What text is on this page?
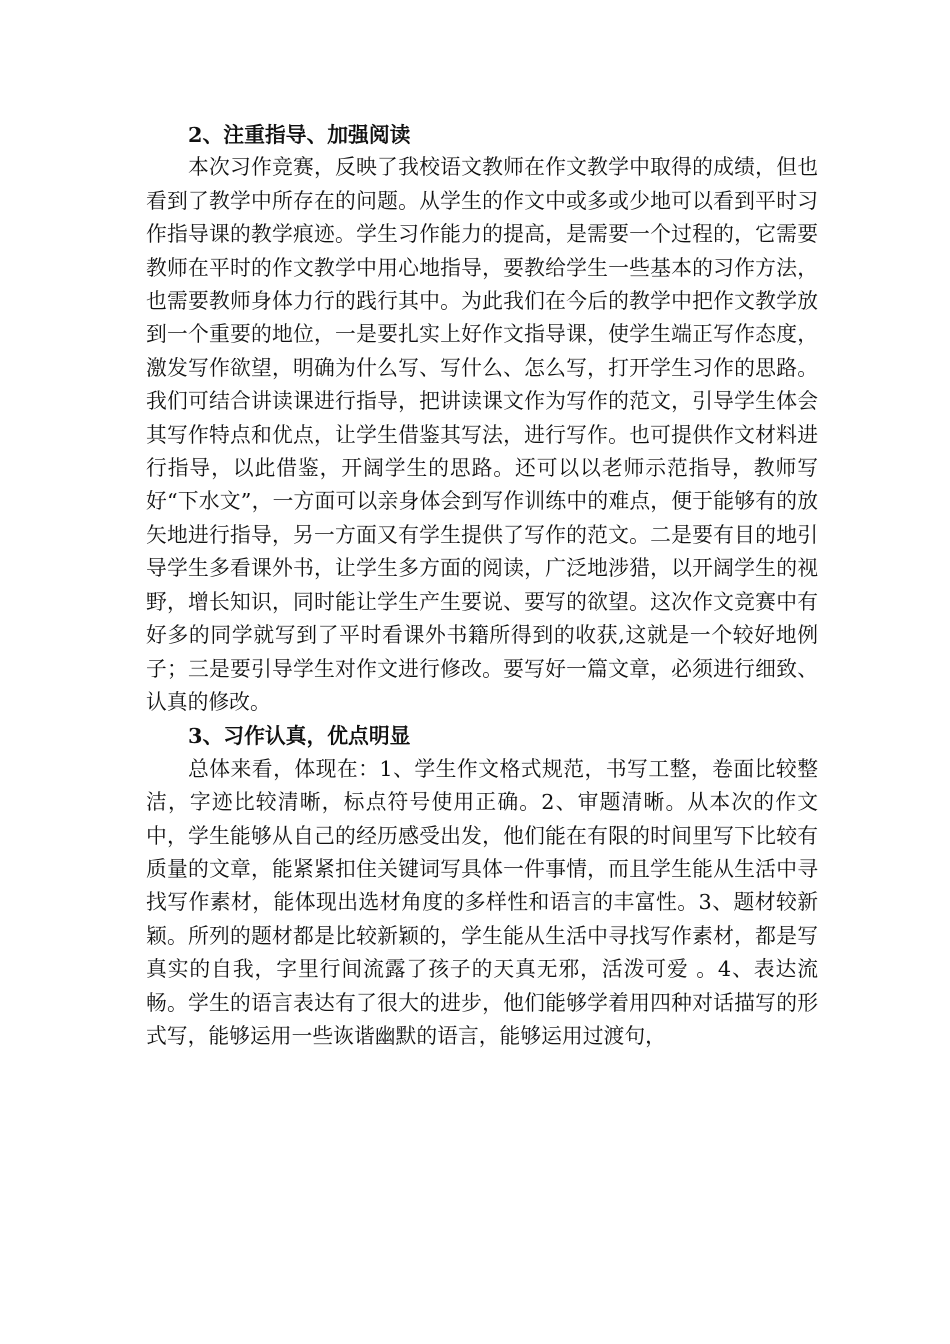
2、注重指导、加强阅读

本次习作竞赛，反映了我校语文教师在作文教学中取得的成绩，但也看到了教学中所存在的问题。从学生的作文中或多或少地可以看到平时习作指导课的教学痕迹。学生习作能力的提高，是需要一个过程的，它需要教师在平时的作文教学中用心地指导，要教给学生一些基本的习作方法，也需要教师身体力行的践行其中。为此我们在今后的教学中把作文教学放到一个重要的地位，一是要扎实上好作文指导课，使学生端正写作态度，激发写作欲望，明确为什么写、写什么、怎么写，打开学生习作的思路。我们可结合讲读课进行指导，把讲读课文作为写作的范文，引导学生体会其写作特点和优点，让学生借鉴其写法，进行写作。也可提供作文材料进行指导，以此借鉴，开阔学生的思路。还可以以老师示范指导，教师写好“下水文”，一方面可以亲身体会到写作训练中的难点，便于能够有的放矢地进行指导，另一方面又有学生提供了写作的范文。二是要有目的地引导学生多看课外书，让学生多方面的阅读，广泛地涉猎，以开阔学生的视野，增长知识，同时能让学生产生要说、要写的欲望。这次作文竞赛中有好多的同学就写到了平时看课外书籍所得到的收获,这就是一个较好地例子；三是要引导学生对作文进行修改。要写好一篇文章，必须进行细致、认真的修改。

3、习作认真，优点明显

总体来看，体现在：1、学生作文格式规范，书写工整，卷面比较整洁，字迹比较清晰，标点符号使用正确。2、审题清晰。从本次的作文中，学生能够从自己的经历感受出发，他们能在有限的时间里写下比较有质量的文章，能紧紧扣住关键词写具体一件事情，而且学生能从生活中寻找写作素材，能体现出选材角度的多样性和语言的丰富性。3、题材较新颖。所列的题材都是比较新颖的，学生能从生活中寻找写作素材，都是写真实的自我，字里行间流露了孩子的天真无邪，活泼可爱 。4、表达流畅。学生的语言表达有了很大的进步，他们能够学着用四种对话描写的形式写，能够运用一些诙谐幽默的语言，能够运用过渡句，
